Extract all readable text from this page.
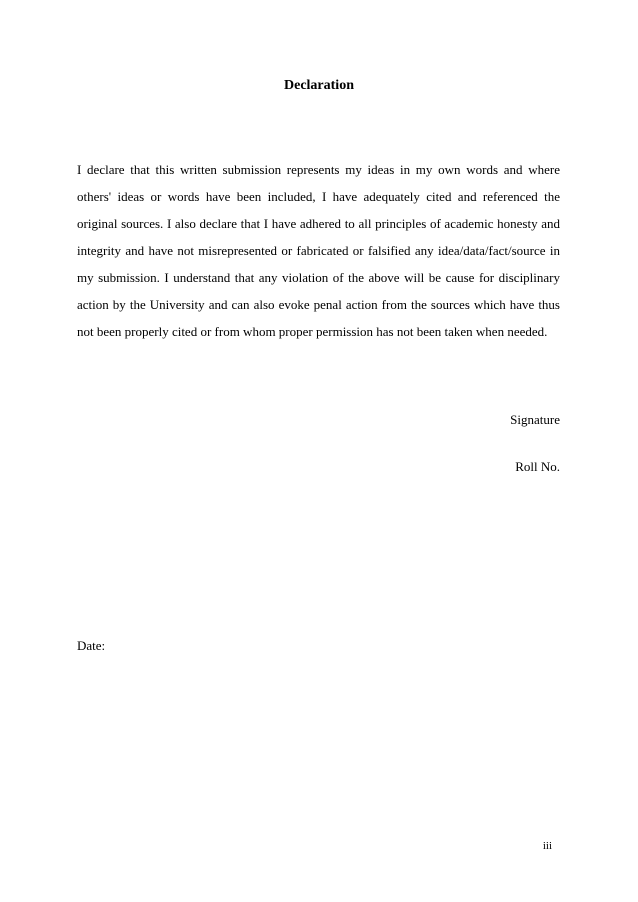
Declaration

I declare that this written submission represents my ideas in my own words and where others' ideas or words have been included, I have adequately cited and referenced the original sources. I also declare that I have adhered to all principles of academic honesty and integrity and have not misrepresented or fabricated or falsified any idea/data/fact/source in my submission. I understand that any violation of the above will be cause for disciplinary action by the University and can also evoke penal action from the sources which have thus not been properly cited or from whom proper permission has not been taken when needed.

Signature
Roll No.
Date:
iii
